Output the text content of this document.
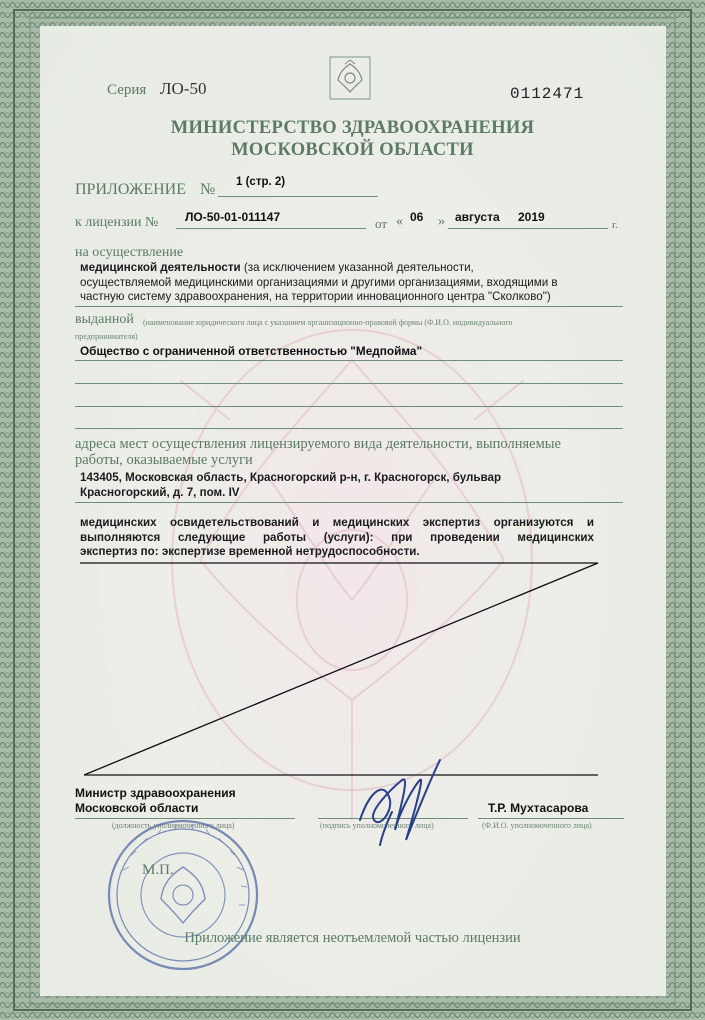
Серия ЛО-50	0112471
МИНИСТЕРСТВО ЗДРАВООХРАНЕНИЯ
МОСКОВСКОЙ ОБЛАСТИ
ПРИЛОЖЕНИЕ № 1 (стр. 2)
к лицензии № ЛО-50-01-011147	от « 06 » августа 2019
г.
на осуществление
медицинской деятельности (за исключением указанной деятельности,
осуществляемой медицинскими организациями и другими организациями, входящими в
частную систему здравоохранения, на территории инновационного центра "Сколково")
выданной (наименование юридического лица с указанием организационно-правовой формы (Ф.И.О. индивидуального
предпринимателя)
Общество с ограниченной ответственностью "Медпойма"
адреса мест осуществления лицензируемого вида деятельности, выполняемые
работы, оказываемые услуги
143405, Московская область, Красногорский р-н, г. Красногорск, бульвар
Красногорский, д. 7, пом. IV
медицинских освидетельствований и медицинских экспертиз организуются и
выполняются следующие работы (услуги): при проведении медицинских
экспертиз по: экспертизе временной нетрудоспособности.
Министр здравоохранения
Московской области
(должность уполномоченного лица)	(подпись уполномоченного лица)
Т.Р. Мухтасарова
(Ф.И.О. уполномоченного лица)
М.П.
Приложение является неотъемлемой частью лицензии
